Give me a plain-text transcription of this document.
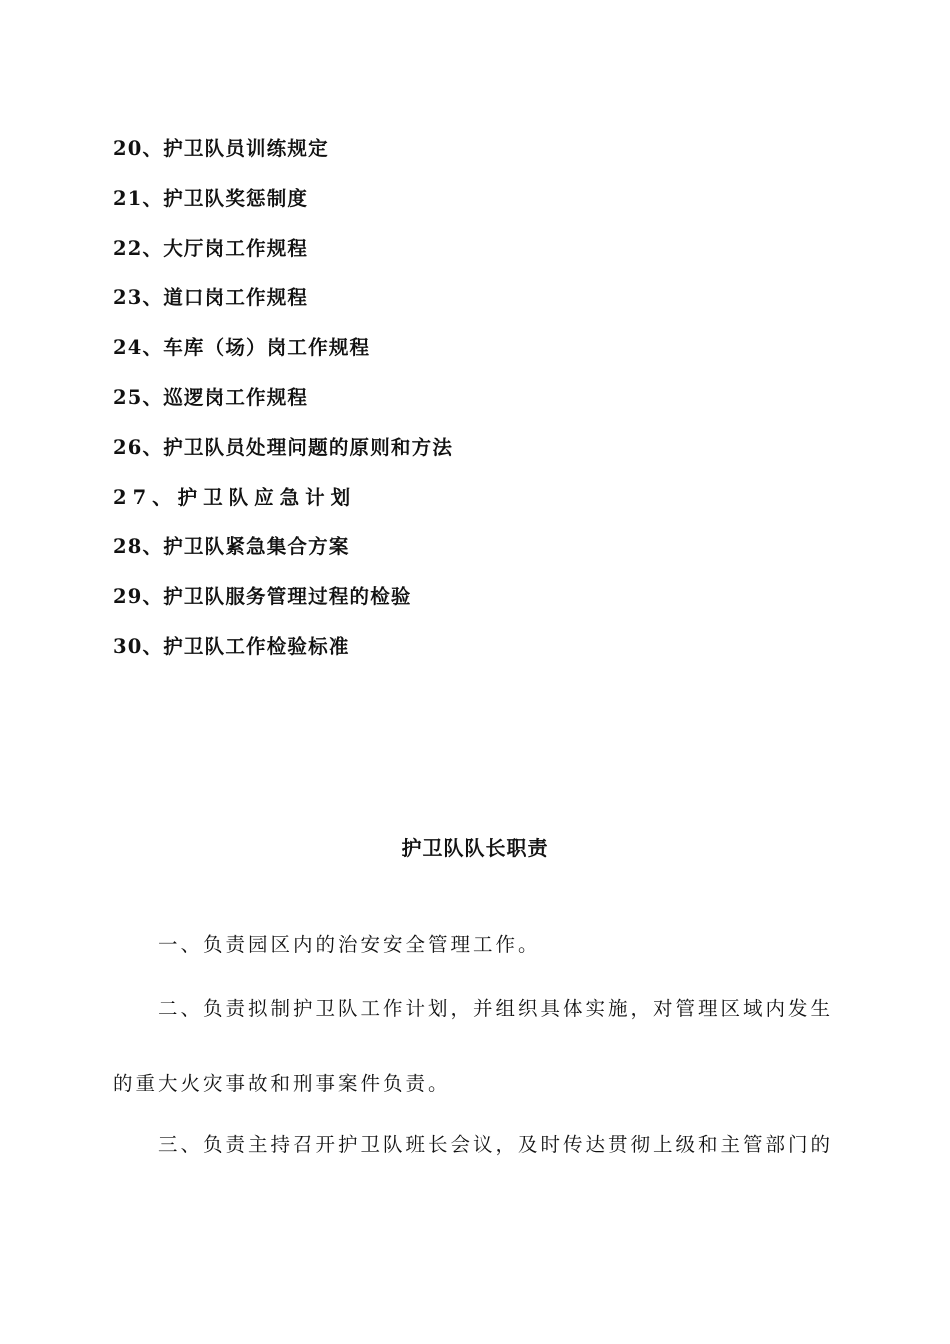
20、护卫队员训练规定
21、护卫队奖惩制度
22、大厅岗工作规程
23、道口岗工作规程
24、车库（场）岗工作规程
25、巡逻岗工作规程
26、护卫队员处理问题的原则和方法
27、护卫队应急计划
28、护卫队紧急集合方案
29、护卫队服务管理过程的检验
30、护卫队工作检验标准
护卫队队长职责

一、负责园区内的治安安全管理工作。

二、负责拟制护卫队工作计划，并组织具体实施，对管理区域内发生

的重大火灾事故和刑事案件负责。

三、负责主持召开护卫队班长会议，及时传达贯彻上级和主管部门的
